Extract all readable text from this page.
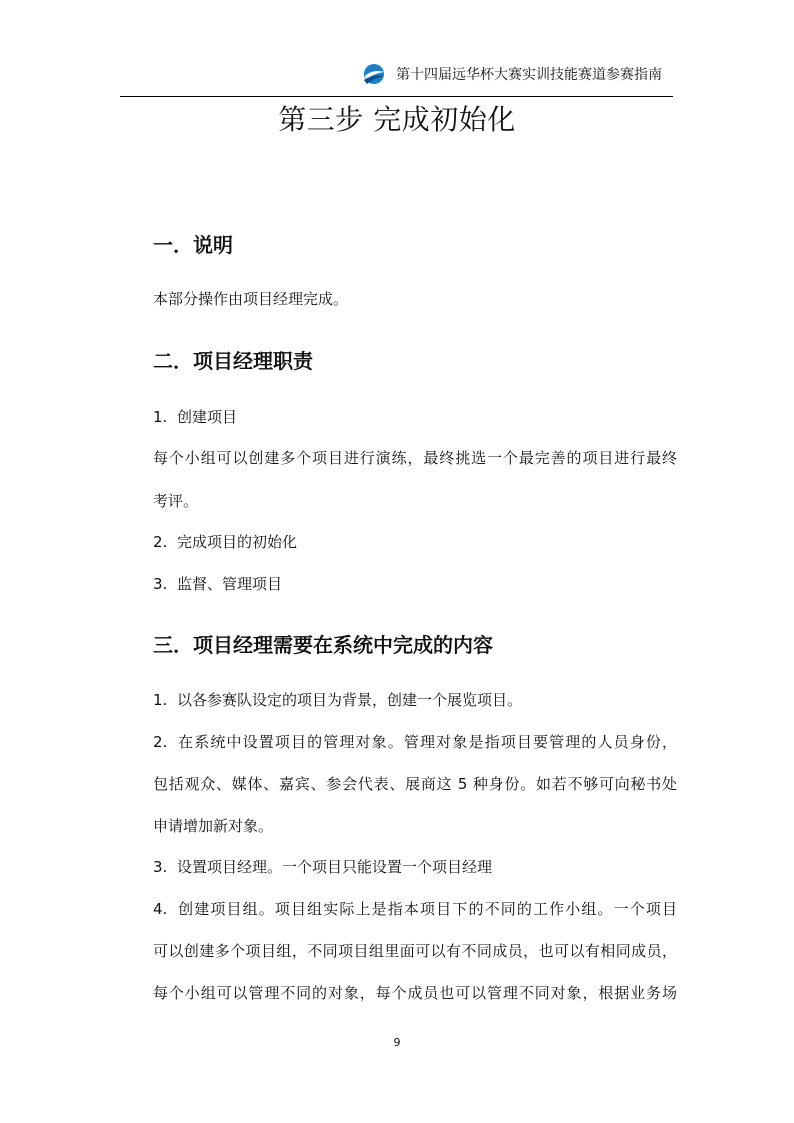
第十四届远华杯大赛实训技能赛道参赛指南
第三步 完成初始化
一．说明

本部分操作由项目经理完成。

二．项目经理职责

1. 创建项目

每个小组可以创建多个项目进行演练，最终挑选一个最完善的项目进行最终

考评。

2. 完成项目的初始化

3. 监督、管理项目

三．项目经理需要在系统中完成的内容

1. 以各参赛队设定的项目为背景，创建一个展览项目。

2. 在系统中设置项目的管理对象。管理对象是指项目要管理的人员身份，

包括观众、媒体、嘉宾、参会代表、展商这 5 种身份。如若不够可向秘书处

申请增加新对象。

3. 设置项目经理。一个项目只能设置一个项目经理

4. 创建项目组。项目组实际上是指本项目下的不同的工作小组。一个项目

可以创建多个项目组，不同项目组里面可以有不同成员，也可以有相同成员，

每个小组可以管理不同的对象，每个成员也可以管理不同对象，根据业务场

9
